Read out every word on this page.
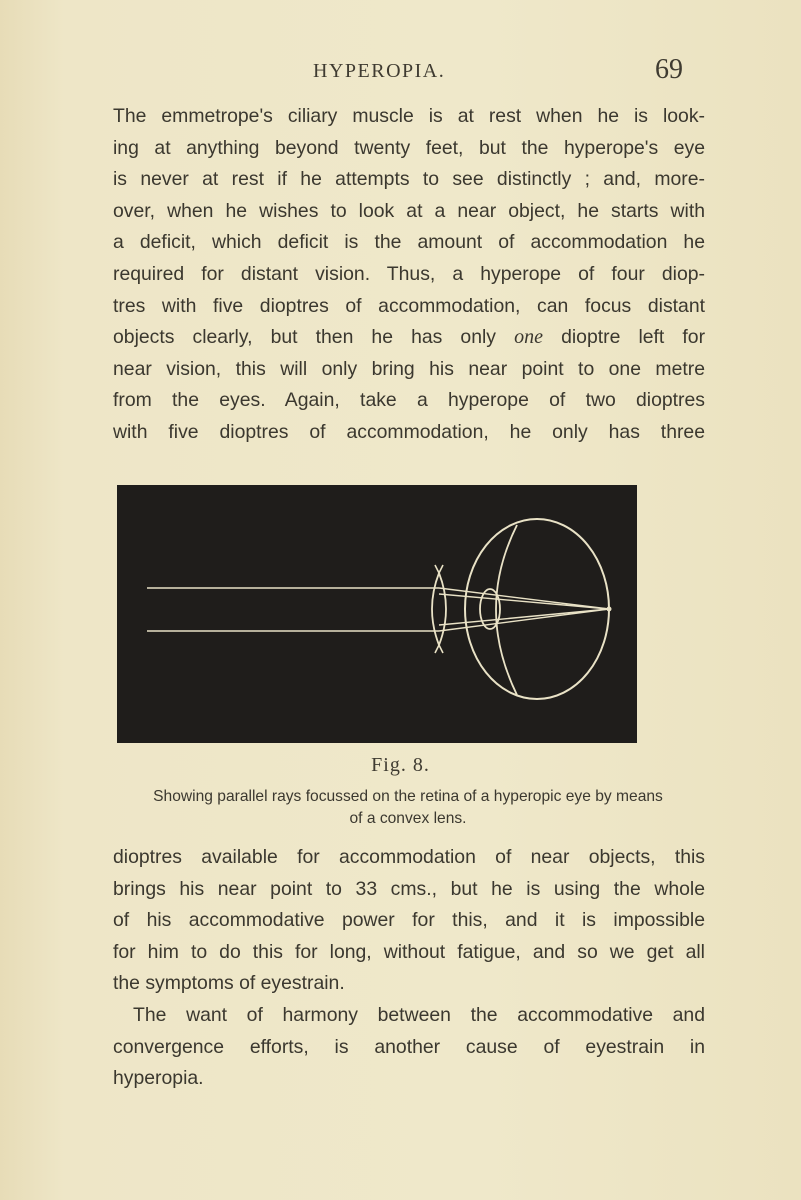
HYPEROPIA.	69
The emmetrope's ciliary muscle is at rest when he is look-
ing at anything beyond twenty feet, but the hyperope's eye
is never at rest if he attempts to see distinctly ; and, more-
over, when he wishes to look at a near object, he starts with
a deficit, which deficit is the amount of accommodation he
required for distant vision. Thus, a hyperope of four diop-
tres with five dioptres of accommodation, can focus distant
objects clearly, but then he has only one dioptre left for
near vision, this will only bring his near point to one metre
from the eyes. Again, take a hyperope of two dioptres
with five dioptres of accommodation, he only has three
Fig. 8.
Showing parallel rays focussed on the retina of a hyperopic eye by means
of a convex lens.
dioptres available for accommodation of near objects, this
brings his near point to 33 cms., but he is using the whole
of his accommodative power for this, and it is impossible
for him to do this for long, without fatigue, and so we get all
the symptoms of eyestrain.
The want of harmony between the accommodative and
convergence efforts, is another cause of eyestrain in
hyperopia.
